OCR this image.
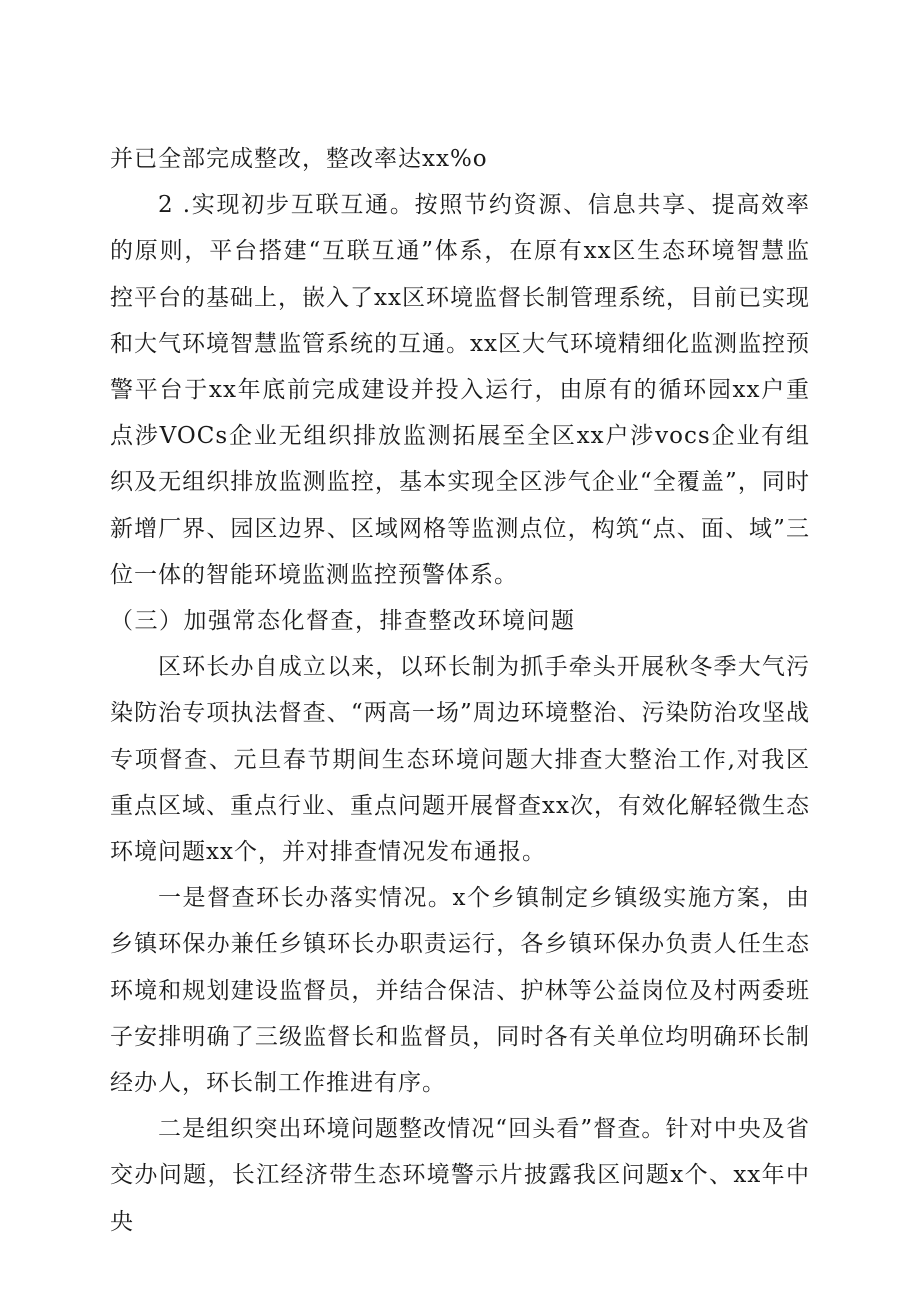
并已全部完成整改，整改率达xx%o

2 .实现初步互联互通。按照节约资源、信息共享、提高效率的原则，平台搭建“互联互通”体系，在原有xx区生态环境智慧监控平台的基础上，嵌入了xx区环境监督长制管理系统，目前已实现和大气环境智慧监管系统的互通。xx区大气环境精细化监测监控预警平台于xx年底前完成建设并投入运行，由原有的循环园xx户重点涉VOCs企业无组织排放监测拓展至全区xx户涉vocs企业有组织及无组织排放监测监控，基本实现全区涉气企业“全覆盖”，同时新增厂界、园区边界、区域网格等监测点位，构筑“点、面、域”三位一体的智能环境监测监控预警体系。

（三）加强常态化督查，排查整改环境问题

区环长办自成立以来，以环长制为抓手牵头开展秋冬季大气污染防治专项执法督查、“两高一场”周边环境整治、污染防治攻坚战专项督查、元旦春节期间生态环境问题大排查大整治工作,对我区重点区域、重点行业、重点问题开展督查xx次，有效化解轻微生态环境问题xx个，并对排查情况发布通报。

一是督查环长办落实情况。x个乡镇制定乡镇级实施方案，由乡镇环保办兼任乡镇环长办职责运行，各乡镇环保办负责人任生态环境和规划建设监督员，并结合保洁、护林等公益岗位及村两委班子安排明确了三级监督长和监督员，同时各有关单位均明确环长制经办人，环长制工作推进有序。

二是组织突出环境问题整改情况“回头看”督查。针对中央及省交办问题，长江经济带生态环境警示片披露我区问题x个、xx年中央
